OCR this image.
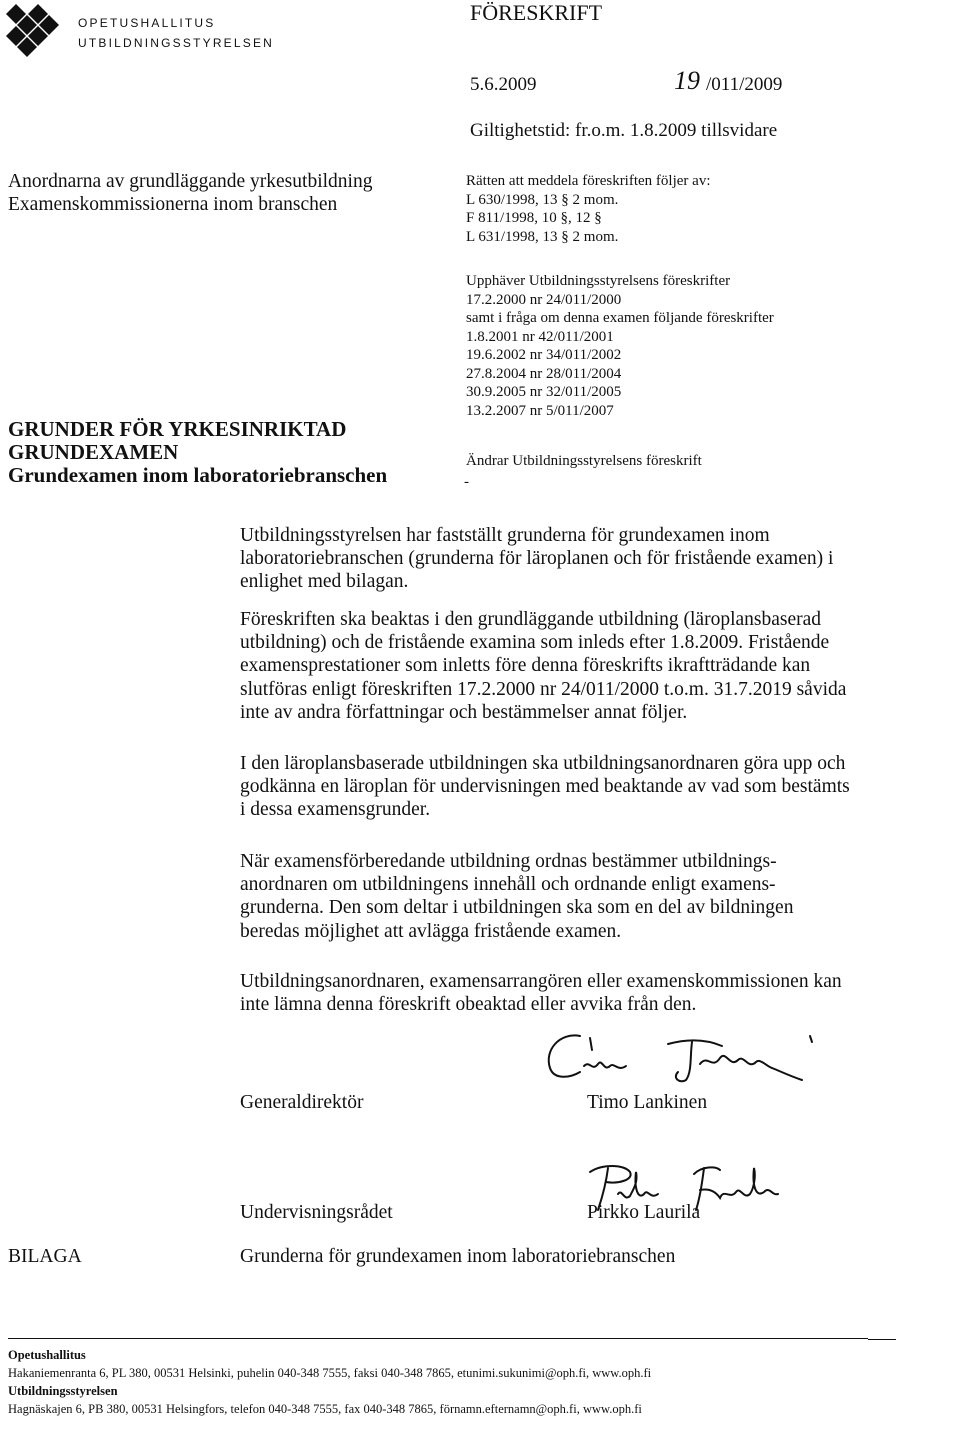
OPETUSHALLITUS
UTBILDNINGSSTYRELSEN
FÖRESKRIFT
5.6.2009	19 /011/2009
Giltighetstid: fr.o.m. 1.8.2009 tillsvidare
Anordnarna av grundläggande yrkesutbildning
Examenskommissionerna inom branschen
Rätten att meddela föreskriften följer av:
L 630/1998, 13 § 2 mom.
F 811/1998, 10 §, 12 §
L 631/1998, 13 § 2 mom.
Upphäver Utbildningsstyrelsens föreskrifter
17.2.2000 nr 24/011/2000
samt i fråga om denna examen följande föreskrifter
1.8.2001 nr 42/011/2001
19.6.2002 nr 34/011/2002
27.8.2004 nr 28/011/2004
30.9.2005 nr 32/011/2005
13.2.2007 nr 5/011/2007
Ändrar Utbildningsstyrelsens föreskrift
-
GRUNDER FÖR YRKESINRIKTAD
GRUNDEXAMEN
Grundexamen inom laboratoriebranschen

Utbildningsstyrelsen har fastställt grunderna för grundexamen inom

laboratoriebranschen (grunderna för läroplanen och för fristående examen) i

enlighet med bilagan.

Föreskriften ska beaktas i den grundläggande utbildning (läroplansbaserad

utbildning) och de fristående examina som inleds efter 1.8.2009. Fristående

examensprestationer som inletts före denna föreskrifts ikraftträdande kan

slutföras enligt föreskriften 17.2.2000 nr 24/011/2000 t.o.m. 31.7.2019 såvida

inte av andra författningar och bestämmelser annat följer.

I den läroplansbaserade utbildningen ska utbildningsanordnaren göra upp och

godkänna en läroplan för undervisningen med beaktande av vad som bestämts

i dessa examensgrunder.

När examensförberedande utbildning ordnas bestämmer utbildnings-

anordnaren om utbildningens innehåll och ordnande enligt examens-

grunderna. Den som deltar i utbildningen ska som en del av bildningen

beredas möjlighet att avlägga fristående examen.

Utbildningsanordnaren, examensarrangören eller examenskommissionen kan

inte lämna denna föreskrift obeaktad eller avvika från den.

Generaldirektör	Timo Lankinen
Undervisningsrådet	Pirkko Laurila
BILAGA	Grunderna för grundexamen inom laboratoriebranschen
Opetushallitus
Hakaniemenranta 6, PL 380, 00531 Helsinki, puhelin 040-348 7555, faksi 040-348 7865, etunimi.sukunimi@oph.fi, www.oph.fi
Utbildningsstyrelsen
Hagnäskajen 6, PB 380, 00531 Helsingfors, telefon 040-348 7555, fax 040-348 7865, förnamn.efternamn@oph.fi, www.oph.fi
